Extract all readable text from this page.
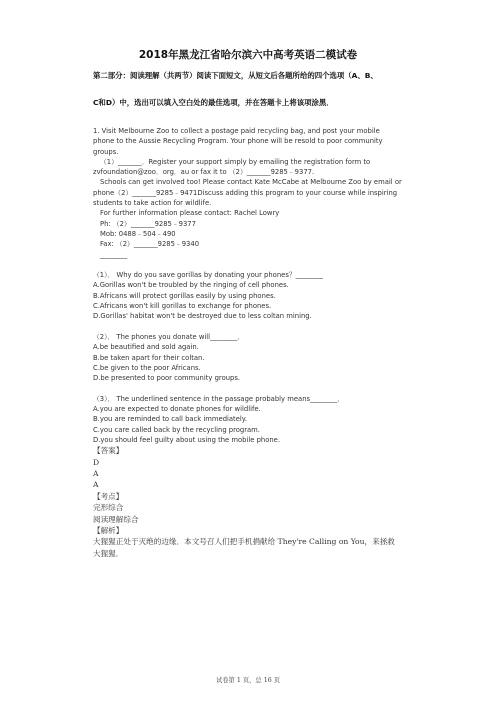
2018年黑龙江省哈尔滨六中高考英语二模试卷
第二部分：阅读理解（共两节）阅读下面短文，从短文后各题所给的四个选项（A、B、
C和D）中，选出可以填入空白处的最佳选项，并在答题卡上将该项涂黑．

1. Visit Melbourne Zoo to collect a postage paid recycling bag, and post your mobile

phone to the Aussie Recycling Program. Your phone will be resold to poor community

groups.

（1）_______．Register your support simply by emailing the registration form to

zvfoundation@zoo．org．au or fax it to （2）_______9285﹣9377.

Schools can get involved too! Please contact Kate McCabe at Melbourne Zoo by email or

phone（2）_______9285﹣9471Discuss adding this program to your course while inspiring

students to take action for wildlife.

For further information please contact: Rachel Lowry

Ph: （2）_______9285﹣9377

Mob: 0488﹣504﹣490

Fax: （2）_______9285﹣9340

________

（1）． Why do you save gorillas by donating your phones？________

A.Gorillas won't be troubled by the ringing of cell phones.

B.Africans will protect gorillas easily by using phones.

C.Africans won't kill gorillas to exchange for phones.

D.Gorillas' habitat won't be destroyed due to less coltan mining.

（2）． The phones you donate will________．

A.be beautified and sold again.

B.be taken apart for their coltan.

C.be given to the poor Africans.

D.be presented to poor community groups.

（3）． The underlined sentence in the passage probably means________．

A.you are expected to donate phones for wildlife.

B.you are reminded to call back immediately.

C.you care called back by the recycling program.

D.you should feel guilty about using the mobile phone.

【答案】

D

A

A

【考点】

完形综合

阅读理解综合

【解析】

大猩猩正处于灭绝的边缘．本文号召人们把手机捐献给 They're Calling on You，来拯救

大猩猩．

试卷第 1 页，总 16 页
